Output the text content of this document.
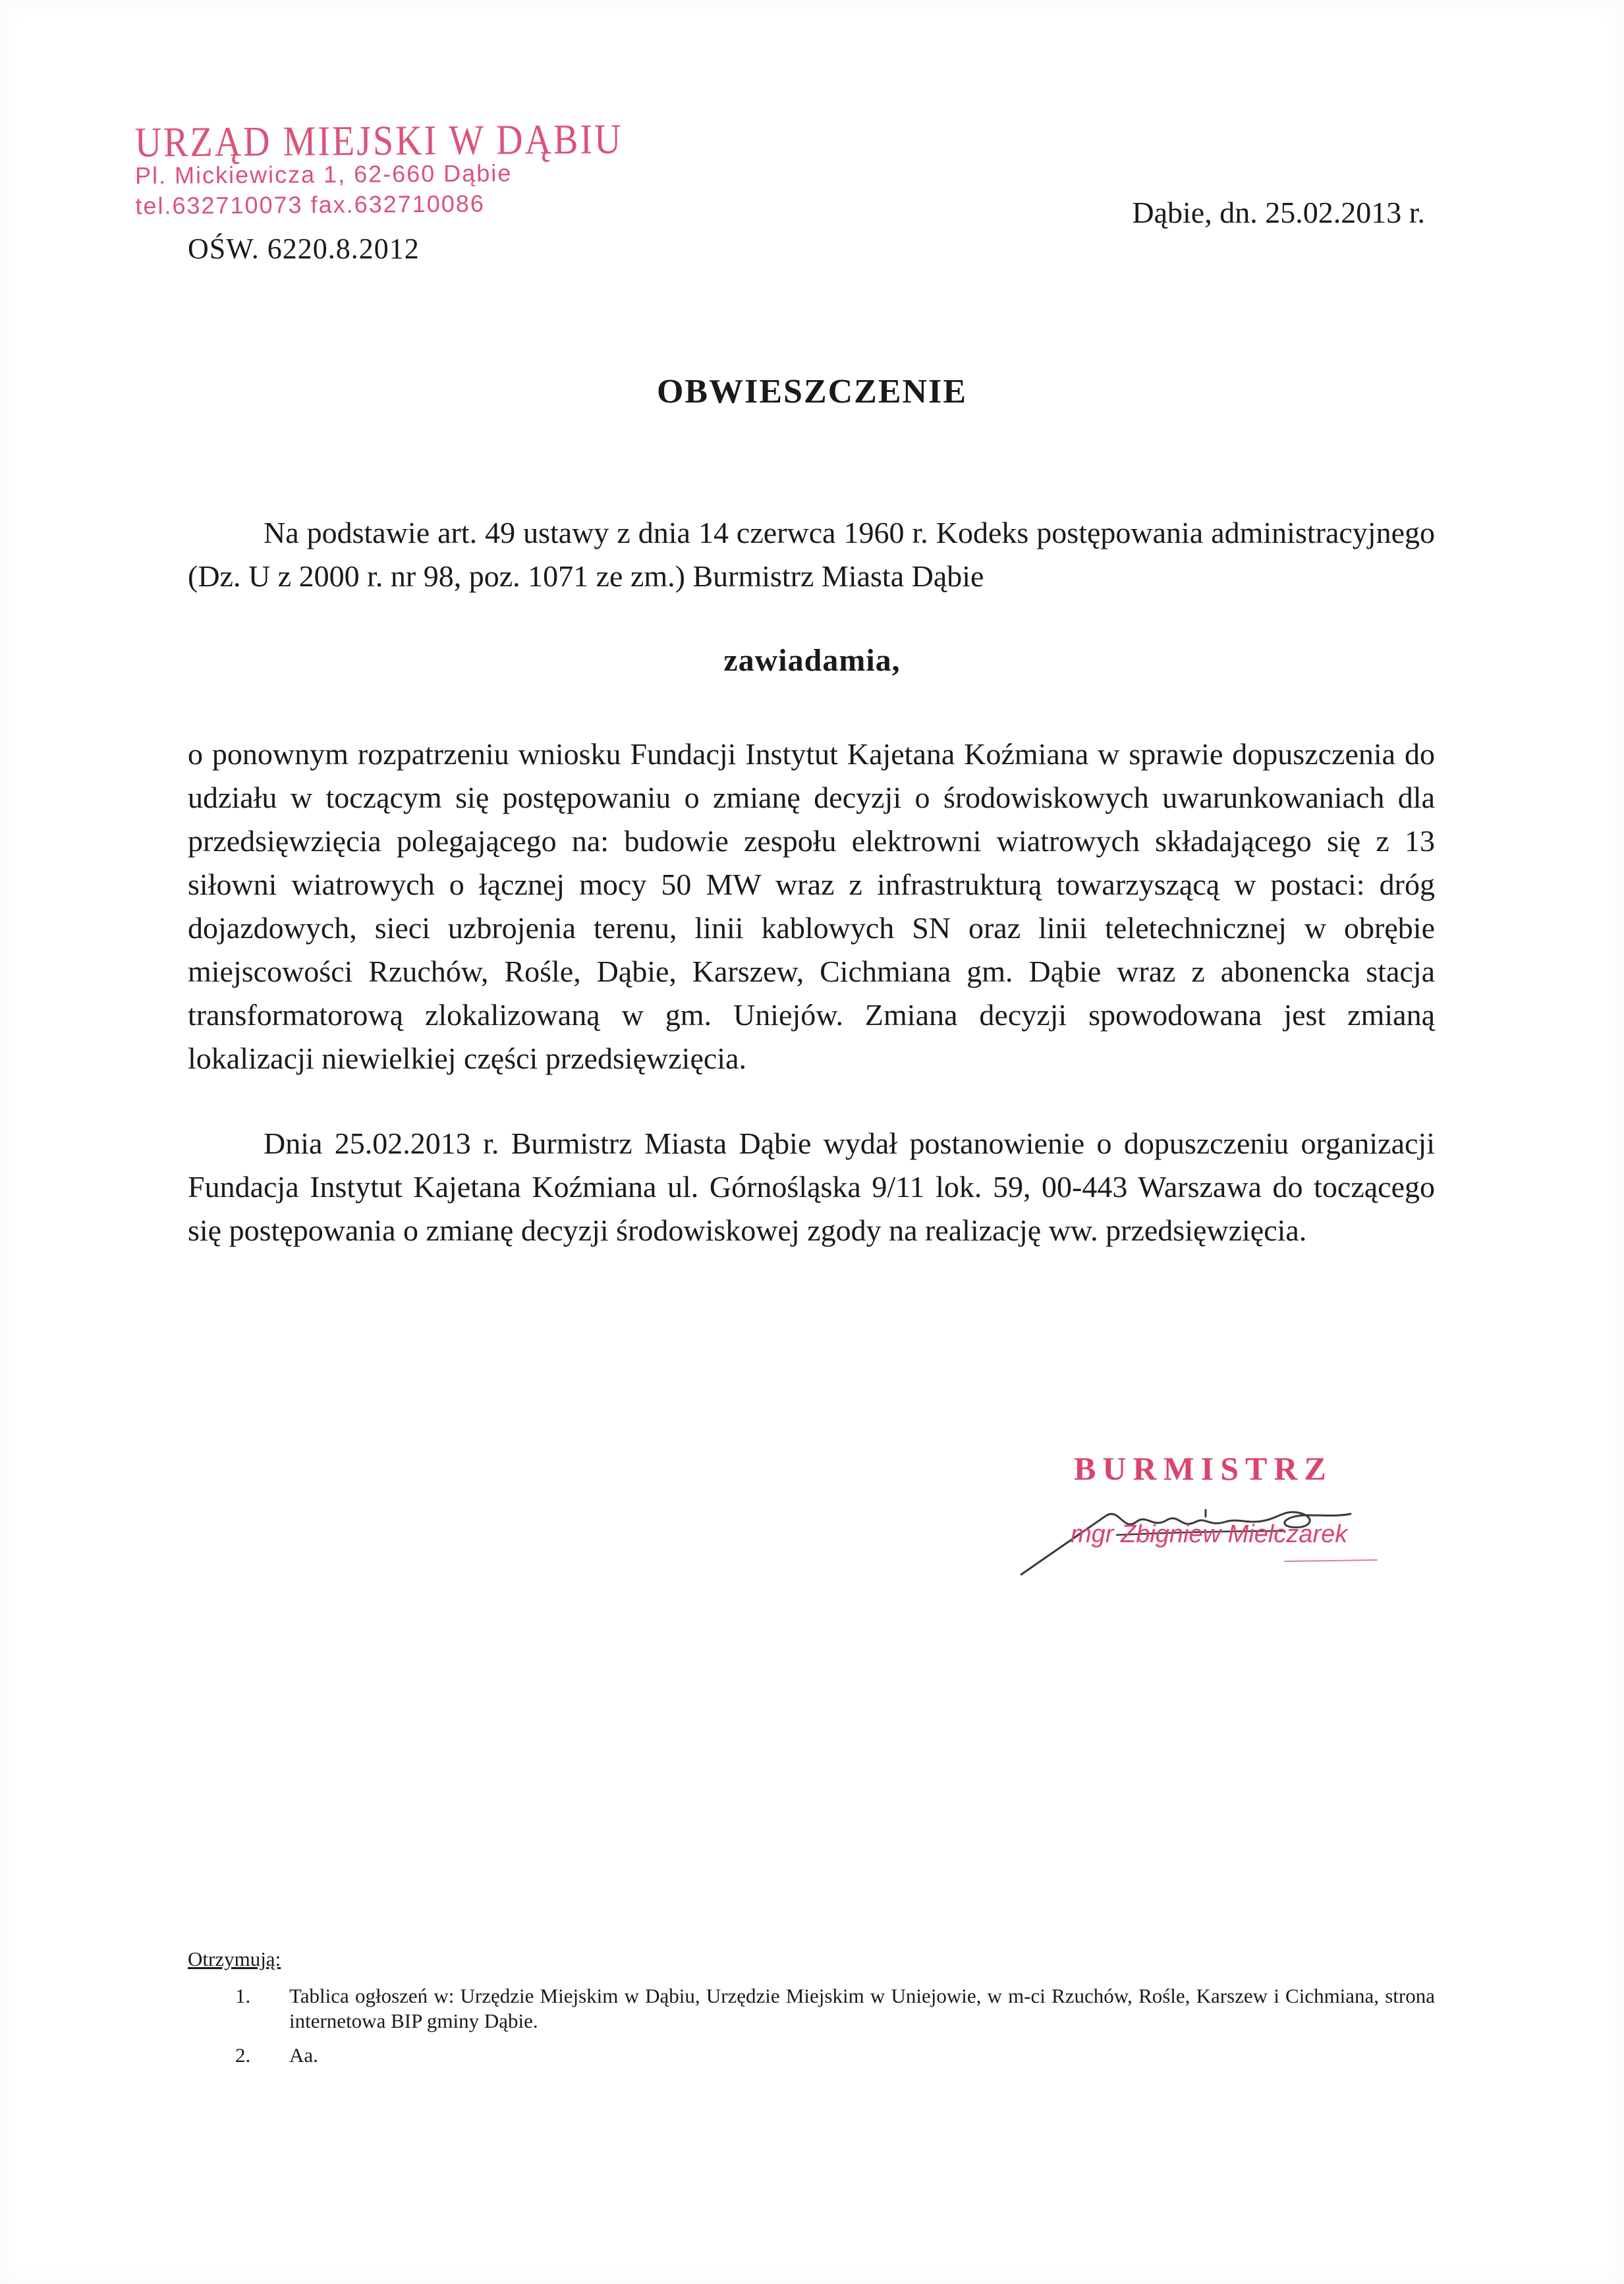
URZĄD MIEJSKI W DĄBIU
Pl. Mickiewicza 1, 62-660 Dąbie
tel.632710073 fax.632710086
OŚW. 6220.8.2012
Dąbie, dn. 25.02.2013 r.
OBWIESZCZENIE
Na podstawie art. 49 ustawy z dnia 14 czerwca 1960 r. Kodeks postępowania administracyjnego (Dz. U z 2000 r. nr 98, poz. 1071 ze zm.) Burmistrz Miasta Dąbie
zawiadamia,
o ponownym rozpatrzeniu wniosku Fundacji Instytut Kajetana Koźmiana w sprawie dopuszczenia do udziału w toczącym się postępowaniu o zmianę decyzji o środowiskowych uwarunkowaniach dla przedsięwzięcia polegającego na: budowie zespołu elektrowni wiatrowych składającego się z 13 siłowni wiatrowych o łącznej mocy 50 MW wraz z infrastrukturą towarzyszącą w postaci: dróg dojazdowych, sieci uzbrojenia terenu, linii kablowych SN oraz linii teletechnicznej w obrębie miejscowości Rzuchów, Rośle, Dąbie, Karszew, Cichmiana gm. Dąbie wraz z abonencka stacja transformatorową zlokalizowaną w gm. Uniejów. Zmiana decyzji spowodowana jest zmianą lokalizacji niewielkiej części przedsięwzięcia.
Dnia 25.02.2013 r. Burmistrz Miasta Dąbie wydał postanowienie o dopuszczeniu organizacji Fundacja Instytut Kajetana Koźmiana ul. Górnośląska 9/11 lok. 59, 00-443 Warszawa do toczącego się postępowania o zmianę decyzji środowiskowej zgody na realizację ww. przedsięwzięcia.
BURMISTRZ
mgr Zbigniew Mielczarek
Otrzymują:
1.	Tablica ogłoszeń w: Urzędzie Miejskim w Dąbiu, Urzędzie Miejskim w Uniejowie, w m-ci Rzuchów, Rośle, Karszew i Cichmiana, strona internetowa BIP gminy Dąbie.
2.	Aa.
